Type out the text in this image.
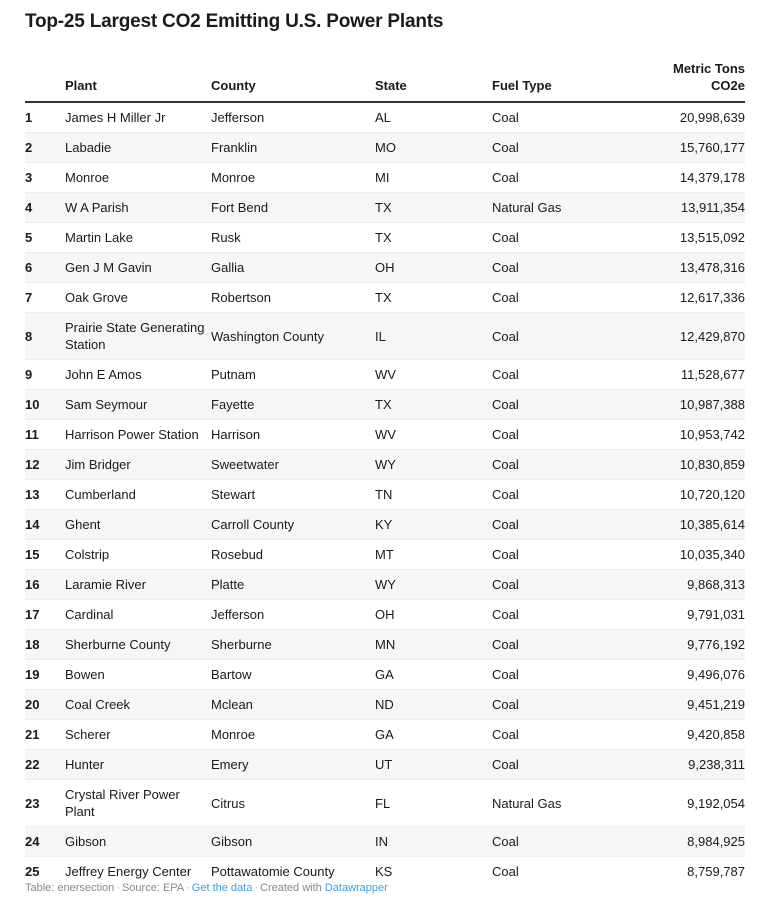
Top-25 Largest CO2 Emitting U.S. Power Plants
	Plant	County	State	Fuel Type	Metric Tons
CO2e
1	James H Miller Jr	Jefferson	AL	Coal	20,998,639
2	Labadie	Franklin	MO	Coal	15,760,177
3	Monroe	Monroe	MI	Coal	14,379,178
4	W A Parish	Fort Bend	TX	Natural Gas	13,911,354
5	Martin Lake	Rusk	TX	Coal	13,515,092
6	Gen J M Gavin	Gallia	OH	Coal	13,478,316
7	Oak Grove	Robertson	TX	Coal	12,617,336
8	Prairie State Generating Station	Washington County	IL	Coal	12,429,870
9	John E Amos	Putnam	WV	Coal	11,528,677
10	Sam Seymour	Fayette	TX	Coal	10,987,388
11	Harrison Power Station	Harrison	WV	Coal	10,953,742
12	Jim Bridger	Sweetwater	WY	Coal	10,830,859
13	Cumberland	Stewart	TN	Coal	10,720,120
14	Ghent	Carroll County	KY	Coal	10,385,614
15	Colstrip	Rosebud	MT	Coal	10,035,340
16	Laramie River	Platte	WY	Coal	9,868,313
17	Cardinal	Jefferson	OH	Coal	9,791,031
18	Sherburne County	Sherburne	MN	Coal	9,776,192
19	Bowen	Bartow	GA	Coal	9,496,076
20	Coal Creek	Mclean	ND	Coal	9,451,219
21	Scherer	Monroe	GA	Coal	9,420,858
22	Hunter	Emery	UT	Coal	9,238,311
23	Crystal River Power Plant	Citrus	FL	Natural Gas	9,192,054
24	Gibson	Gibson	IN	Coal	8,984,925
25	Jeffrey Energy Center	Pottawatomie County	KS	Coal	8,759,787
Table: enersection · Source: EPA · Get the data · Created with Datawrapper
